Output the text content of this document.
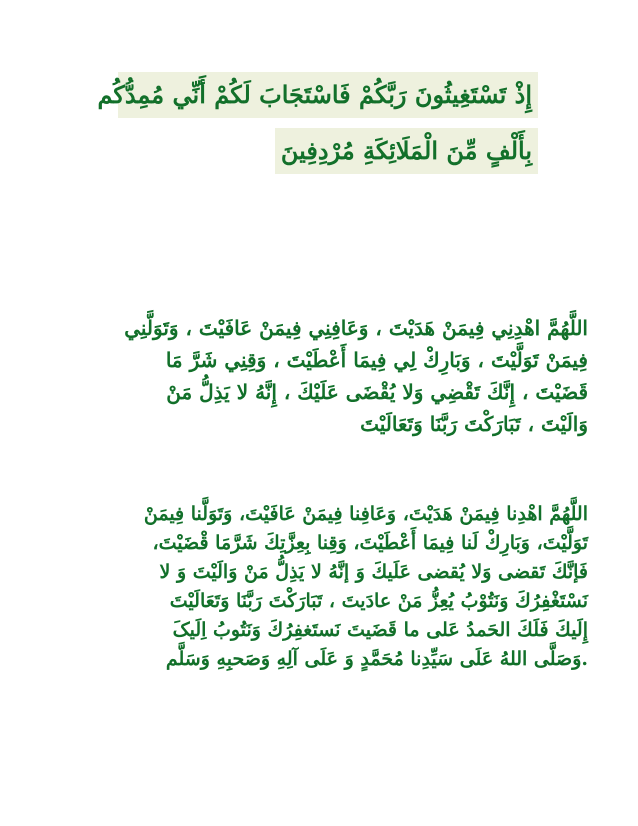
إِذْ تَسْتَغِيثُونَ رَبَّكُمْ فَاسْتَجَابَ لَكُمْ أَنِّي مُمِدُّكُم
بِأَلْفٍ مِّنَ الْمَلَائِكَةِ مُرْدِفِينَ
اللَّهُمَّ اهْدِنِي فِيمَنْ هَدَيْتَ ، وَعَافِنِي فِيمَنْ عَافَيْتَ ، وَتَوَلَّنِي
فِيمَنْ تَوَلَّيْتَ ، وَبَارِكْ لِي فِيمَا أَعْطَيْتَ ، وَقِنِي شَرَّ مَا
قَضَيْتَ ، إِنَّكَ تَقْضِي وَلا يُقْضَى عَلَيْكَ ، إِنَّهُ لا يَذِلُّ مَنْ
وَالَيْتَ ، تَبَارَكْتَ رَبَّنَا وَتَعَالَيْتَ
اللَّهُمَّ اهْدِنا فِيمَنْ هَدَيْتَ، وَعَافِنا فِيمَنْ عَافَيْتَ، وَتَوَلَّنا فِيمَنْ
تَوَلَّيْتَ، وَبَارِكْ لَنا فِيمَا أَعْطَيْتَ، وَقِنا بِعِزَّتِكَ شَرَّمَا قْضَيْتَ،
فَإنَّكَ تَقضى وَلا يُقضى عَلَيكَ وَ إنَّهُ لا يَذِلُّ مَنْ وَالَيْتَ وَ لا
نَسْتَغْفِرُكَ وَنَتُوْبُ يُعِزُّ مَنْ عادَيتَ ، تَبَارَكْتَ رَبَّنَا وَتَعَالَيْتَ
إِلَيكَ فَلَكَ الحَمدُ عَلى ما قَضَيتَ نَستَغفِرُكَ وَنَتُوبُ اِلَيکَ
.وَصَلَّى اللهُ عَلَى سَيِّدِنا مُحَمَّدٍ وَ عَلَى آلِهِ وَصَحبِهِ وَسَلَّم
